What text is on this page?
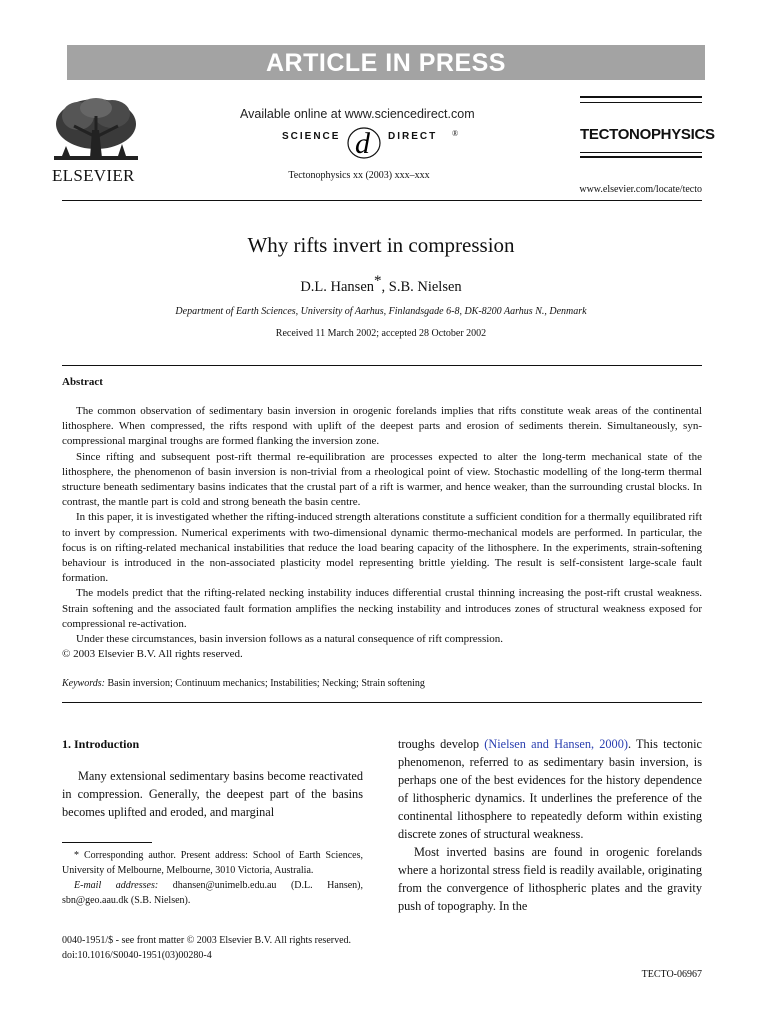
ARTICLE IN PRESS
ELSEVIER
Available online at www.sciencedirect.com
SCIENCE d DIRECT ®
Tectonophysics xx (2003) xxx–xxx
TECTONOPHYSICS
www.elsevier.com/locate/tecto
Why rifts invert in compression
D.L. Hansen*, S.B. Nielsen
Department of Earth Sciences, University of Aarhus, Finlandsgade 6-8, DK-8200 Aarhus N., Denmark
Received 11 March 2002; accepted 28 October 2002
Abstract

The common observation of sedimentary basin inversion in orogenic forelands implies that rifts constitute weak areas of the continental lithosphere. When compressed, the rifts respond with uplift of the deepest parts and erosion of sediments therein. Simultaneously, syn-compressional marginal troughs are formed flanking the inversion zone.

Since rifting and subsequent post-rift thermal re-equilibration are processes expected to alter the long-term mechanical state of the lithosphere, the phenomenon of basin inversion is non-trivial from a rheological point of view. Stochastic modelling of the long-term thermal structure beneath sedimentary basins indicates that the crustal part of a rift is warmer, and hence weaker, than the surrounding crustal blocks. In contrast, the mantle part is cold and strong beneath the basin centre.

In this paper, it is investigated whether the rifting-induced strength alterations constitute a sufficient condition for a thermally equilibrated rift to invert by compression. Numerical experiments with two-dimensional dynamic thermo-mechanical models are performed. In particular, the focus is on rifting-related mechanical instabilities that reduce the load bearing capacity of the lithosphere. In the experiments, strain-softening behaviour is introduced in the non-associated plasticity model representing brittle yielding. The result is self-consistent large-scale fault formation.

The models predict that the rifting-related necking instability induces differential crustal thinning increasing the post-rift crustal weakness. Strain softening and the associated fault formation amplifies the necking instability and introduces zones of structural weakness exposed for compressional re-activation.

Under these circumstances, basin inversion follows as a natural consequence of rift compression.

© 2003 Elsevier B.V. All rights reserved.
Keywords: Basin inversion; Continuum mechanics; Instabilities; Necking; Strain softening
1. Introduction

Many extensional sedimentary basins become reactivated in compression. Generally, the deepest part of the basins becomes uplifted and eroded, and marginal

troughs develop (Nielsen and Hansen, 2000). This tectonic phenomenon, referred to as sedimentary basin inversion, is perhaps one of the best evidences for the history dependence of lithospheric dynamics. It underlines the preference of the continental lithosphere to repeatedly deform within existing discrete zones of structural weakness.

Most inverted basins are found in orogenic forelands where a horizontal stress field is readily available, originating from the convergence of lithospheric plates and the gravity push of topography. In the

* Corresponding author. Present address: School of Earth Sciences, University of Melbourne, Melbourne, 3010 Victoria, Australia.

E-mail addresses: dhansen@unimelb.edu.au (D.L. Hansen), sbn@geo.aau.dk (S.B. Nielsen).

0040-1951/$ - see front matter © 2003 Elsevier B.V. All rights reserved.
doi:10.1016/S0040-1951(03)00280-4
TECTO-06967
